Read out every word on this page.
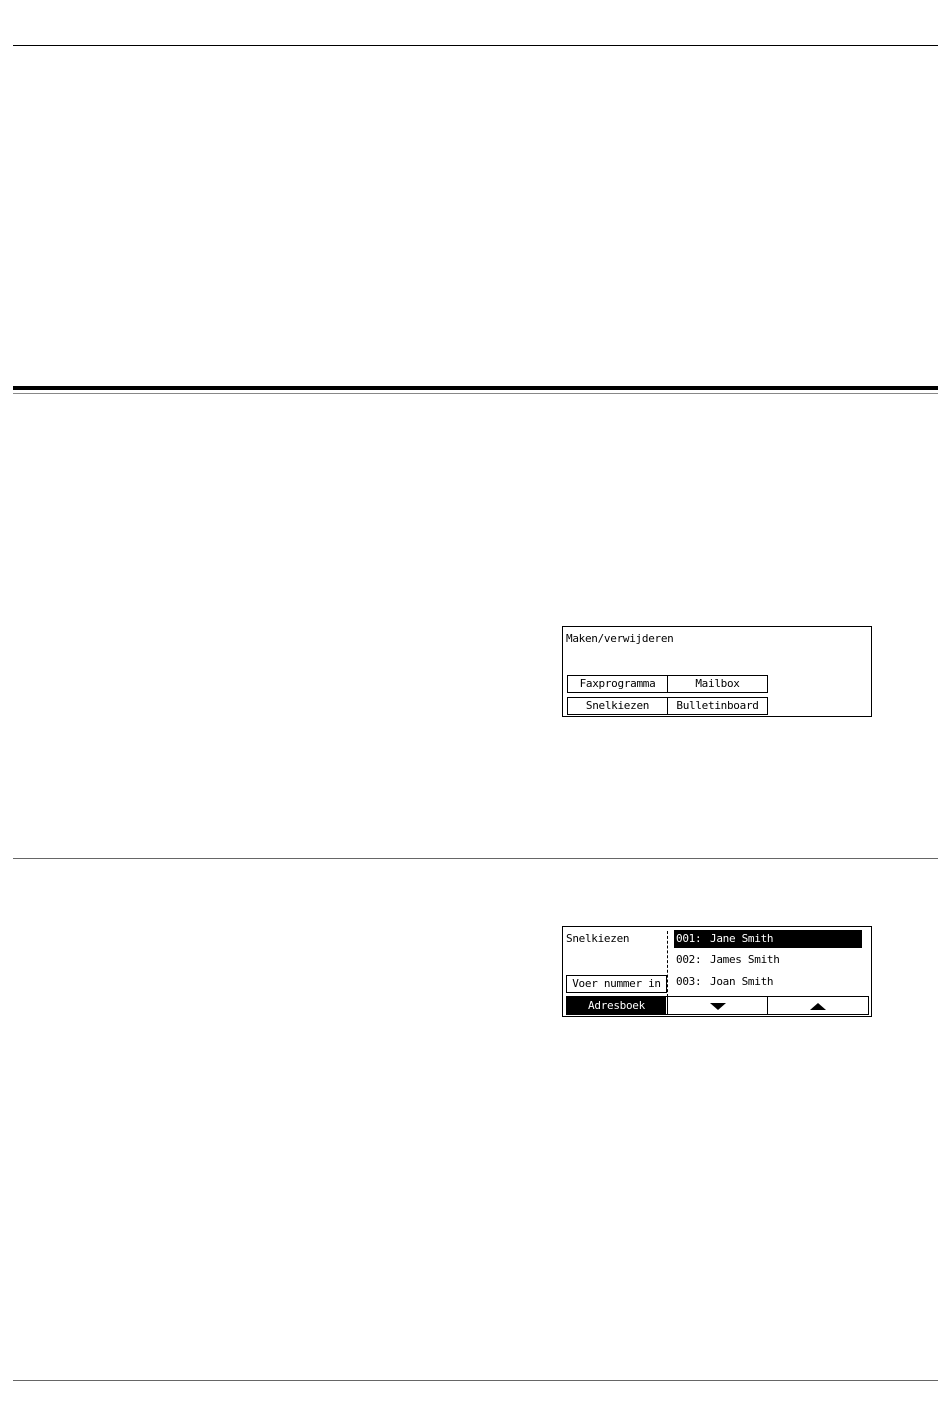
Maken/verwijderen
Faxprogramma	Mailbox
Snelkiezen	Bulletinboard
Snelkiezen	001: Jane Smith
002: James Smith
003: Joan Smith
Voer nummer in
Adresboek
